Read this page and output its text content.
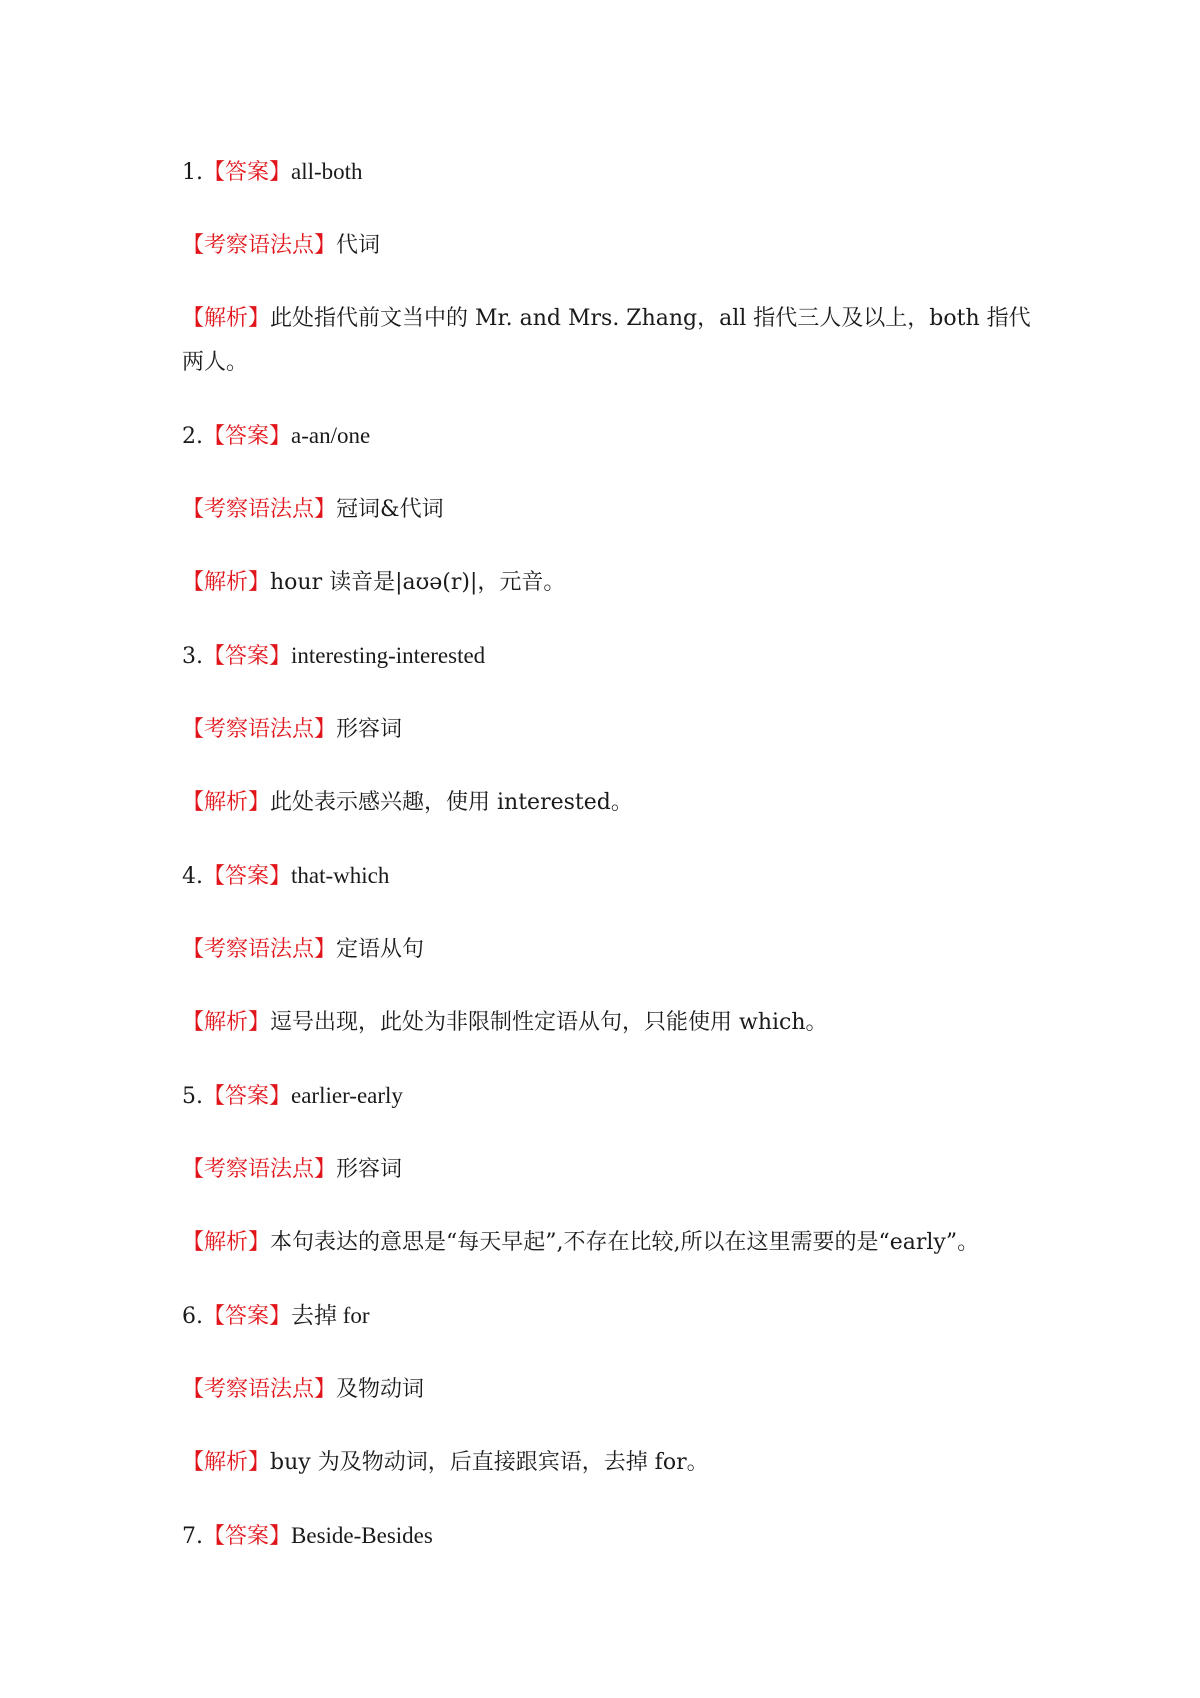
1.【答案】all-both
【考察语法点】代词
【解析】此处指代前文当中的 Mr. and Mrs. Zhang，all 指代三人及以上，both 指代两人。
2.【答案】a-an/one
【考察语法点】冠词&代词
【解析】hour 读音是|aʊə(r)|，元音。
3.【答案】interesting-interested
【考察语法点】形容词
【解析】此处表示感兴趣，使用 interested。
4.【答案】that-which
【考察语法点】定语从句
【解析】逗号出现，此处为非限制性定语从句，只能使用 which。
5.【答案】earlier-early
【考察语法点】形容词
【解析】本句表达的意思是“每天早起”,不存在比较,所以在这里需要的是“early”。
6.【答案】去掉 for
【考察语法点】及物动词
【解析】buy 为及物动词，后直接跟宾语，去掉 for。
7.【答案】Beside-Besides
